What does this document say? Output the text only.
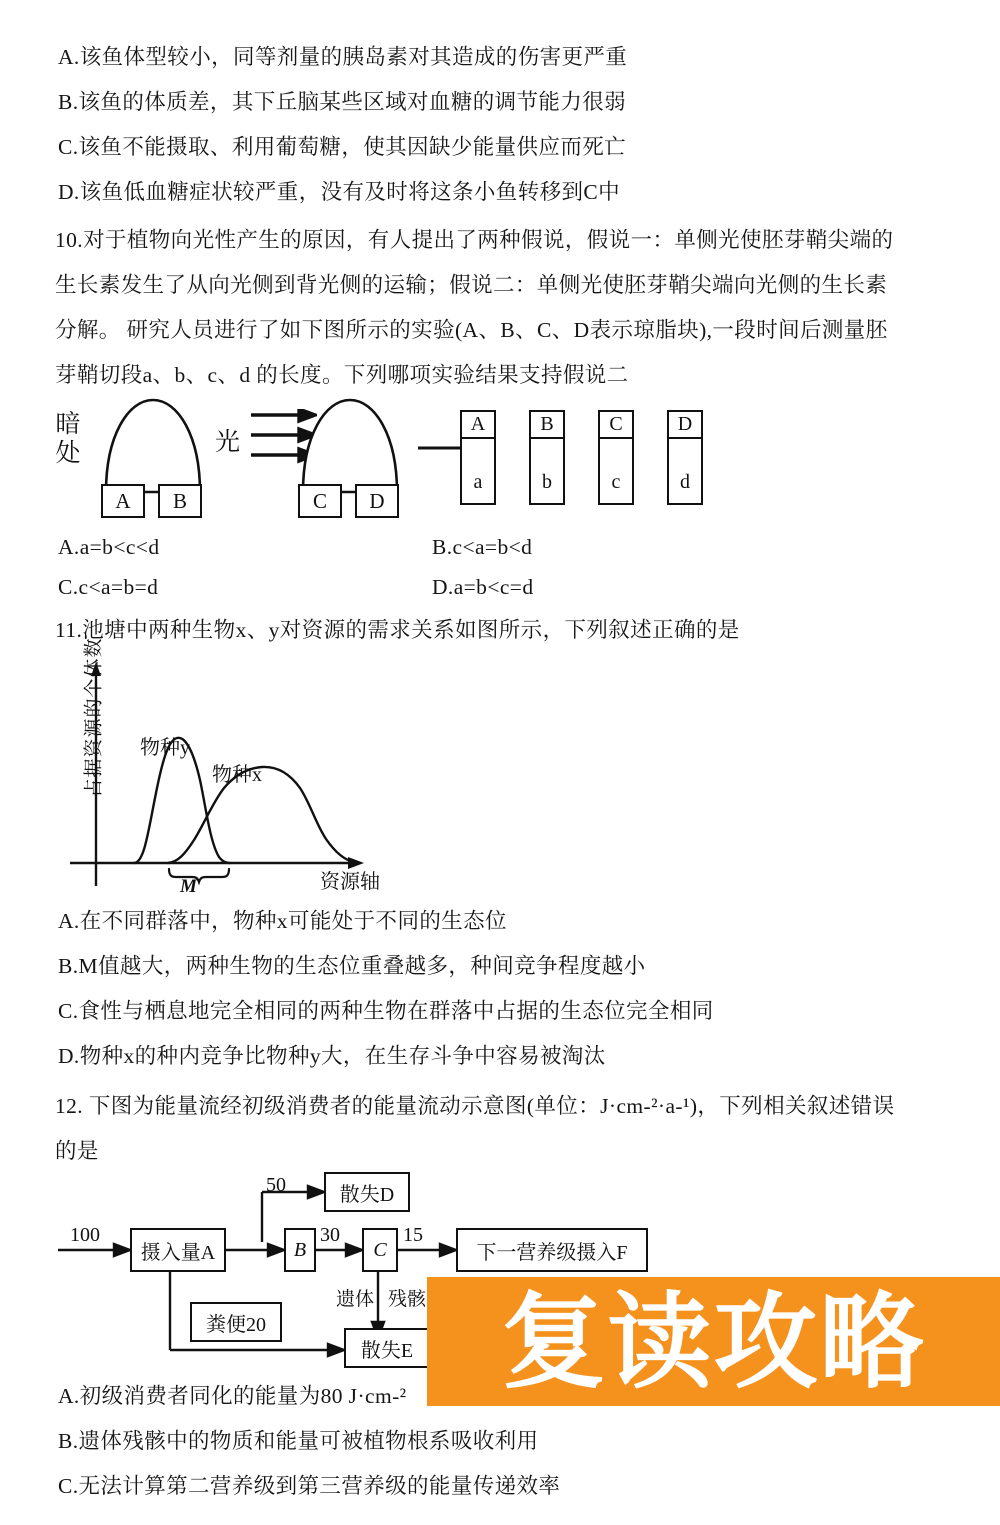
A.该鱼体型较小，同等剂量的胰岛素对其造成的伤害更严重
B.该鱼的体质差，其下丘脑某些区域对血糖的调节能力很弱
C.该鱼不能摄取、利用葡萄糖，使其因缺少能量供应而死亡
D.该鱼低血糖症状较严重，没有及时将这条小鱼转移到C中
10.对于植物向光性产生的原因，有人提出了两种假说，假说一：单侧光使胚芽鞘尖端的
生长素发生了从向光侧到背光侧的运输；假说二：单侧光使胚芽鞘尖端向光侧的生长素
分解。 研究人员进行了如下图所示的实验(A、B、C、D表示琼脂块),一段时间后测量胚
芽鞘切段a、b、c、d 的长度。下列哪项实验结果支持假说二
暗处
A	B
光
C	D
A
a
B
b
C
c
D
d
A.a=b<c<d	B.c<a=b<d
C.c<a=b=d	D.a=b<c=d
11.池塘中两种生物x、y对资源的需求关系如图所示，下列叙述正确的是
占据资源的个体数 物种y
物种x
M	资源轴
A.在不同群落中，物种x可能处于不同的生态位
B.M值越大，两种生物的生态位重叠越多，种间竞争程度越小
C.食性与栖息地完全相同的两种生物在群落中占据的生态位完全相同
D.物种x的种内竞争比物种y大，在生存斗争中容易被淘汰
12. 下图为能量流经初级消费者的能量流动示意图(单位：J·cm-²·a-¹)，下列相关叙述错误
的是
100
50
30	15
遗体 残骸
摄入量A	B	C
散失D
散失E
下一营养级摄入F
粪便20
A.初级消费者同化的能量为80 J·cm-²
B.遗体残骸中的物质和能量可被植物根系吸收利用
C.无法计算第二营养级到第三营养级的能量传递效率
复读攻略
